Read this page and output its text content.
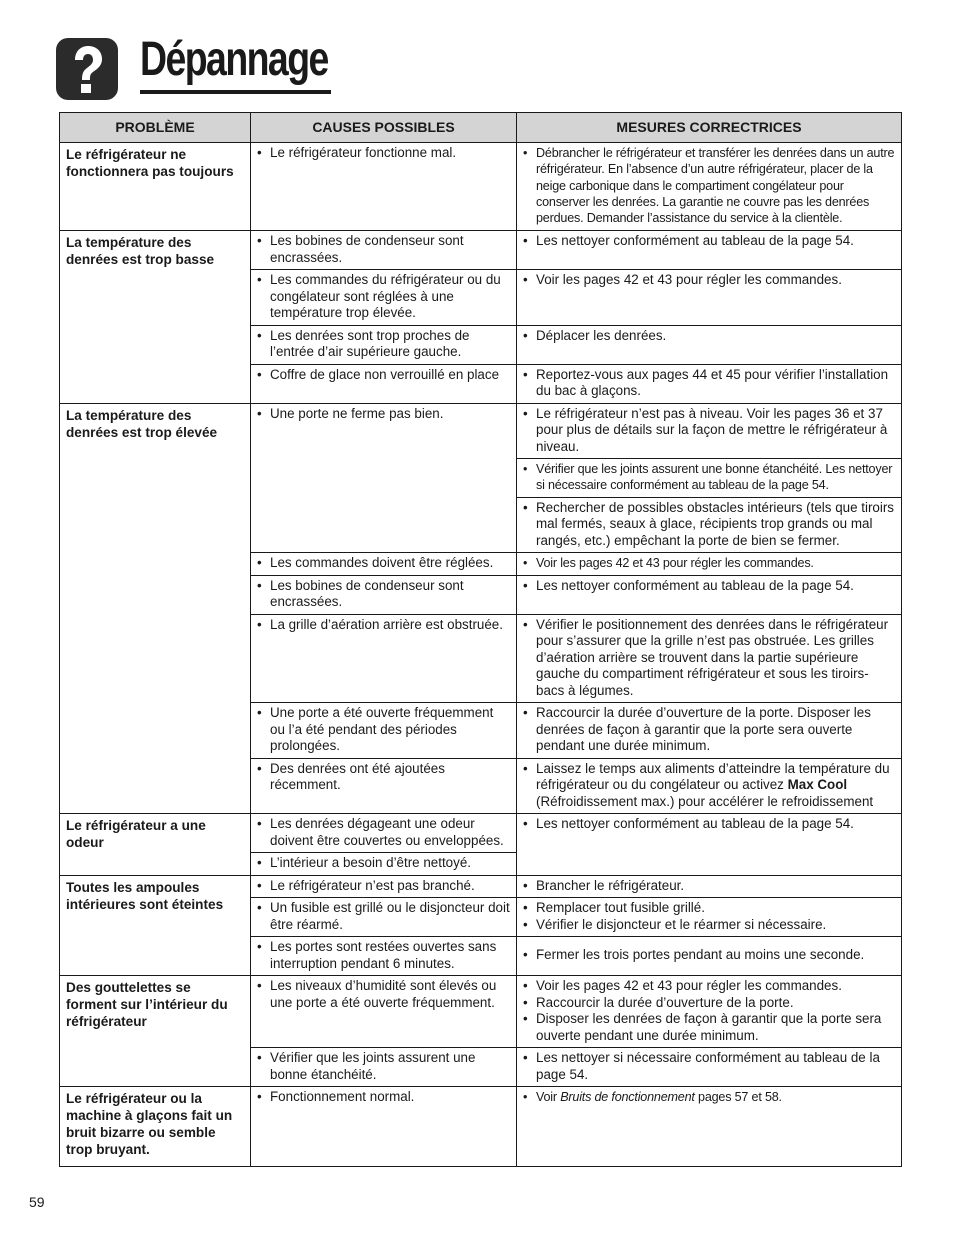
Dépannage
PROBLÈME	CAUSES POSSIBLES	MESURES CORRECTRICES
Le réfrigérateur ne fonctionnera pas toujours	• Le réfrigérateur fonctionne mal.	• Débrancher le réfrigérateur et transférer les denrées dans un autre réfrigérateur. En l’absence d’un autre réfrigérateur, placer de la neige carbonique dans le compartiment congélateur pour conserver les denrées. La garantie ne couvre pas les denrées perdues. Demander l’assistance du service à la clientèle.

La température des denrées est trop basse	• Les bobines de condenseur sont encrassées.	• Les nettoyer conformément au tableau de la page 54.

	• Les commandes du réfrigérateur ou du congélateur sont réglées à une température trop élevée.	• Voir les pages 42 et 43 pour régler les commandes.

	• Les denrées sont trop proches de l’entrée d’air supérieure gauche.	• Déplacer les denrées.

	• Coffre de glace non verrouillé en place	• Reportez-vous aux pages 44 et 45 pour vérifier l’installation du bac à glaçons.

La température des denrées est trop élevée	• Une porte ne ferme pas bien.	• Le réfrigérateur n’est pas à niveau. Voir les pages 36 et 37 pour plus de détails sur la façon de mettre le réfrigérateur à niveau.

		• Vérifier que les joints assurent une bonne étanchéité. Les nettoyer si nécessaire conformément au tableau de la page 54.

		• Rechercher de possibles obstacles intérieurs (tels que tiroirs mal fermés, seaux à glace, récipients trop grands ou mal rangés, etc.) empêchant la porte de bien se fermer.

	• Les commandes doivent être réglées.	• Voir les pages 42 et 43 pour régler les commandes.

	• Les bobines de condenseur sont encrassées.	• Les nettoyer conformément au tableau de la page 54.

	• La grille d’aération arrière est obstruée.	• Vérifier le positionnement des denrées dans le réfrigérateur pour s’assurer que la grille n’est pas obstruée. Les grilles d’aération arrière se trouvent dans la partie supérieure gauche du compartiment réfrigérateur et sous les tiroirs-bacs à légumes.

	• Une porte a été ouverte fréquemment ou l’a été pendant des périodes prolongées.	• Raccourcir la durée d’ouverture de la porte. Disposer les denrées de façon à garantir que la porte sera ouverte pendant une durée minimum.

	• Des denrées ont été ajoutées récemment.	• Laissez le temps aux aliments d’atteindre la température du réfrigérateur ou du congélateur ou activez Max Cool (Réfroidissement max.) pour accélérer le refroidissement

Le réfrigérateur a une odeur	• Les denrées dégageant une odeur doivent être couvertes ou enveloppées.	• Les nettoyer conformément au tableau de la page 54.

	• L’intérieur a besoin d’être nettoyé.

Toutes les ampoules intérieures sont éteintes	• Le réfrigérateur n’est pas branché.	• Brancher le réfrigérateur.

	• Un fusible est grillé ou le disjoncteur doit être réarmé.	• Remplacer tout fusible grillé.
• Vérifier le disjoncteur et le réarmer si nécessaire.

	• Les portes sont restées ouvertes sans interruption pendant 6 minutes.	• Fermer les trois portes pendant au moins une seconde.

Des gouttelettes se forment sur l’intérieur du réfrigérateur	• Les niveaux d’humidité sont élevés ou une porte a été ouverte fréquemment.	• Voir les pages 42 et 43 pour régler les commandes.
• Raccourcir la durée d’ouverture de la porte.
• Disposer les denrées de façon à garantir que la porte sera ouverte pendant une durée minimum.

	• Vérifier que les joints assurent une bonne étanchéité.	• Les nettoyer si nécessaire conformément au tableau de la page 54.

Le réfrigérateur ou la machine à glaçons fait un bruit bizarre ou semble trop bruyant.	• Fonctionnement normal.	• Voir Bruits de fonctionnement pages 57 et 58.
59
